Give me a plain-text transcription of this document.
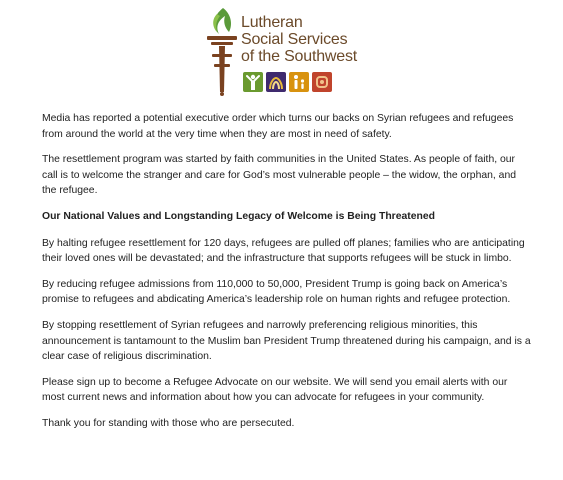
Lutheran
Social Services
of the Southwest

Media has reported a potential executive order which turns our backs on Syrian refugees and refugees from around the world at the very time when they are most in need of safety.

The resettlement program was started by faith communities in the United States. As people of faith, our call is to welcome the stranger and care for God’s most vulnerable people – the widow, the orphan, and the refugee.

Our National Values and Longstanding Legacy of Welcome is Being Threatened

By halting refugee resettlement for 120 days, refugees are pulled off planes; families who are anticipating their loved ones will be devastated; and the infrastructure that supports refugees will be stuck in limbo.

By reducing refugee admissions from 110,000 to 50,000, President Trump is going back on America’s promise to refugees and abdicating America’s leadership role on human rights and refugee protection.

By stopping resettlement of Syrian refugees and narrowly preferencing religious minorities, this announcement is tantamount to the Muslim ban President Trump threatened during his campaign, and is a clear case of religious discrimination.

Please sign up to become a Refugee Advocate on our website. We will send you email alerts with our most current news and information about how you can advocate for refugees in your community.

Thank you for standing with those who are persecuted.
